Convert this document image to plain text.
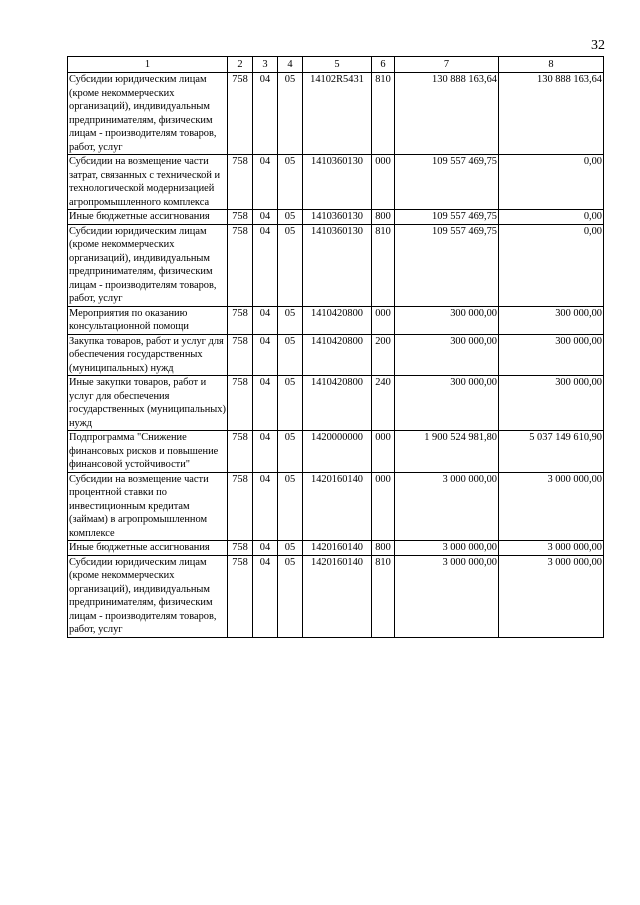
32
1	2	3	4	5	6	7	8
Субсидии юридическим лицам (кроме некоммерческих организаций), индивидуальным предпринимателям, физическим лицам - производителям товаров, работ, услуг	758	04	05	14102R5431	810	130 888 163,64	130 888 163,64
Субсидии на возмещение части затрат, связанных с технической и технологической модернизацией агропромышленного комплекса	758	04	05	1410360130	000	109 557 469,75	0,00
Иные бюджетные ассигнования	758	04	05	1410360130	800	109 557 469,75	0,00
Субсидии юридическим лицам (кроме некоммерческих организаций), индивидуальным предпринимателям, физическим лицам - производителям товаров, работ, услуг	758	04	05	1410360130	810	109 557 469,75	0,00
Мероприятия по оказанию консультационной помощи	758	04	05	1410420800	000	300 000,00	300 000,00
Закупка товаров, работ и услуг для обеспечения государственных (муниципальных) нужд	758	04	05	1410420800	200	300 000,00	300 000,00
Иные закупки товаров, работ и услуг для обеспечения государственных (муниципальных) нужд	758	04	05	1410420800	240	300 000,00	300 000,00
Подпрограмма "Снижение финансовых рисков и повышение финансовой устойчивости"	758	04	05	1420000000	000	1 900 524 981,80	5 037 149 610,90
Субсидии на возмещение части процентной ставки по инвестиционным кредитам (займам) в агропромышленном комплексе	758	04	05	1420160140	000	3 000 000,00	3 000 000,00
Иные бюджетные ассигнования	758	04	05	1420160140	800	3 000 000,00	3 000 000,00
Субсидии юридическим лицам (кроме некоммерческих организаций), индивидуальным предпринимателям, физическим лицам - производителям товаров, работ, услуг	758	04	05	1420160140	810	3 000 000,00	3 000 000,00
